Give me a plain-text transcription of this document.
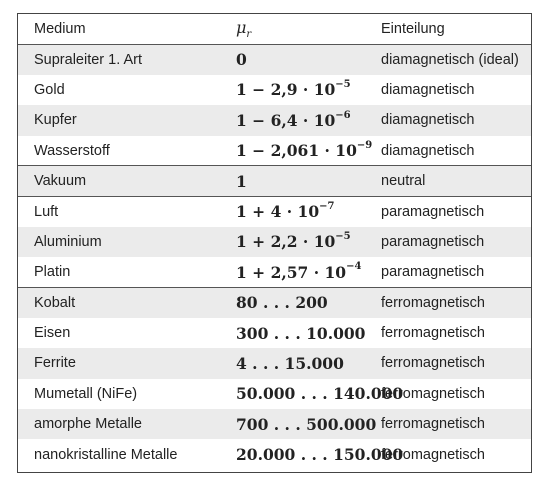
Medium	$\mu_r$	Einteilung
Supraleiter 1. Art	0	diamagnetisch (ideal)
Gold	$1 - 2,9 \cdot 10^{-5}$	diamagnetisch
Kupfer	$1 - 6,4 \cdot 10^{-6}$	diamagnetisch
Wasserstoff	$1 - 2,061 \cdot 10^{-9}$	diamagnetisch
Vakuum	1	neutral
Luft	$1 + 4 \cdot 10^{-7}$	paramagnetisch
Aluminium	$1 + 2,2 \cdot 10^{-5}$	paramagnetisch
Platin	$1 + 2,57 \cdot 10^{-4}$	paramagnetisch
Kobalt	80 . . . 200	ferromagnetisch
Eisen	300 . . . 10.000	ferromagnetisch
Ferrite	4 . . . 15.000	ferromagnetisch
Mumetall (NiFe)	50.000 . . . 140.000	ferromagnetisch
amorphe Metalle	700 . . . 500.000	ferromagnetisch
nanokristalline Metalle	20.000 . . . 150.000	ferromagnetisch
